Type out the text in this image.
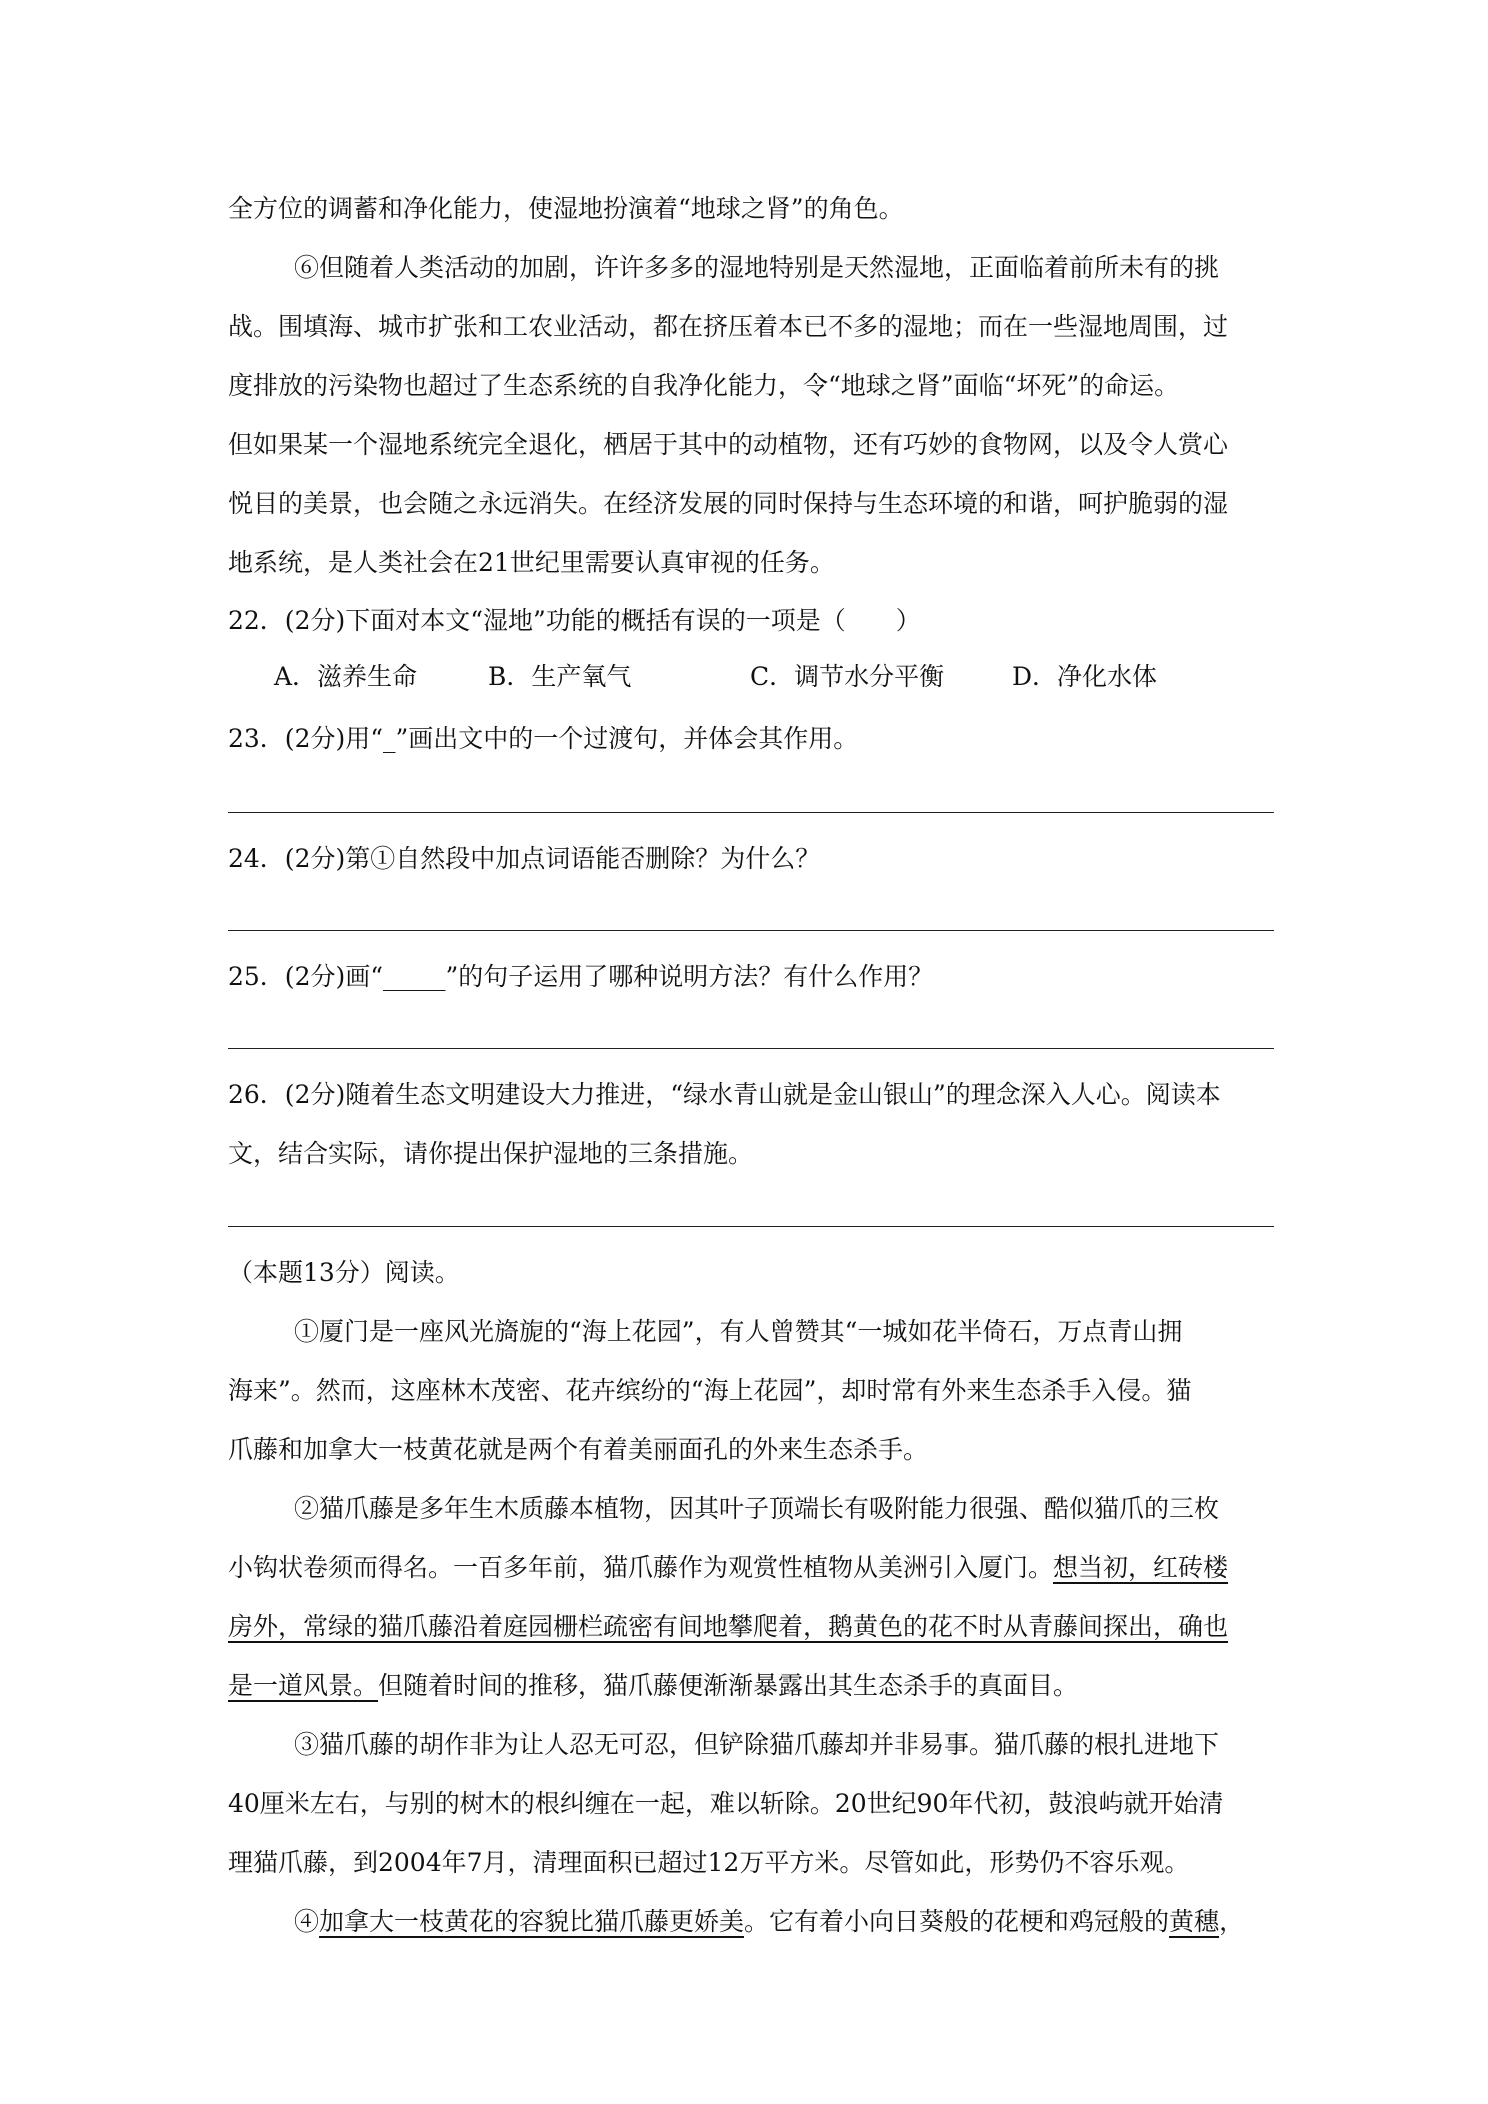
全方位的调蓄和净化能力，使湿地扮演着“地球之肾”的角色。
⑥但随着人类活动的加剧，许许多多的湿地特别是天然湿地，正面临着前所未有的挑
战。围填海、城市扩张和工农业活动，都在挤压着本已不多的湿地；而在一些湿地周围，过
度排放的污染物也超过了生态系统的自我净化能力，令“地球之肾”面临“坏死”的命运。
但如果某一个湿地系统完全退化，栖居于其中的动植物，还有巧妙的食物网，以及令人赏心
悦目的美景，也会随之永远消失。在经济发展的同时保持与生态环境的和谐，呵护脆弱的湿
地系统，是人类社会在21世纪里需要认真审视的任务。
22．(2分)下面对本文“湿地”功能的概括有误的一项是（　　）
A．滋养生命	B．生产氧气	C．调节水分平衡	D．净化水体
23．(2分)用“_”画出文中的一个过渡句，并体会其作用。
24．(2分)第①自然段中加点词语能否删除？为什么？
25．(2分)画“_____”的句子运用了哪种说明方法？有什么作用？
26．(2分)随着生态文明建设大力推进，“绿水青山就是金山银山”的理念深入人心。阅读本
文，结合实际，请你提出保护湿地的三条措施。
（本题13分）阅读。
①厦门是一座风光旖旎的“海上花园”，有人曾赞其“一城如花半倚石，万点青山拥
海来”。然而，这座林木茂密、花卉缤纷的“海上花园”，却时常有外来生态杀手入侵。猫
爪藤和加拿大一枝黄花就是两个有着美丽面孔的外来生态杀手。
②猫爪藤是多年生木质藤本植物，因其叶子顶端长有吸附能力很强、酷似猫爪的三枚
小钩状卷须而得名。一百多年前，猫爪藤作为观赏性植物从美洲引入厦门。想当初，红砖楼
房外，常绿的猫爪藤沿着庭园栅栏疏密有间地攀爬着，鹅黄色的花不时从青藤间探出，确也
是一道风景。但随着时间的推移，猫爪藤便渐渐暴露出其生态杀手的真面目。
③猫爪藤的胡作非为让人忍无可忍，但铲除猫爪藤却并非易事。猫爪藤的根扎进地下
40厘米左右，与别的树木的根纠缠在一起，难以斩除。20世纪90年代初，鼓浪屿就开始清
理猫爪藤，到2004年7月，清理面积已超过12万平方米。尽管如此，形势仍不容乐观。
④加拿大一枝黄花的容貌比猫爪藤更娇美。它有着小向日葵般的花梗和鸡冠般的黄穗，
